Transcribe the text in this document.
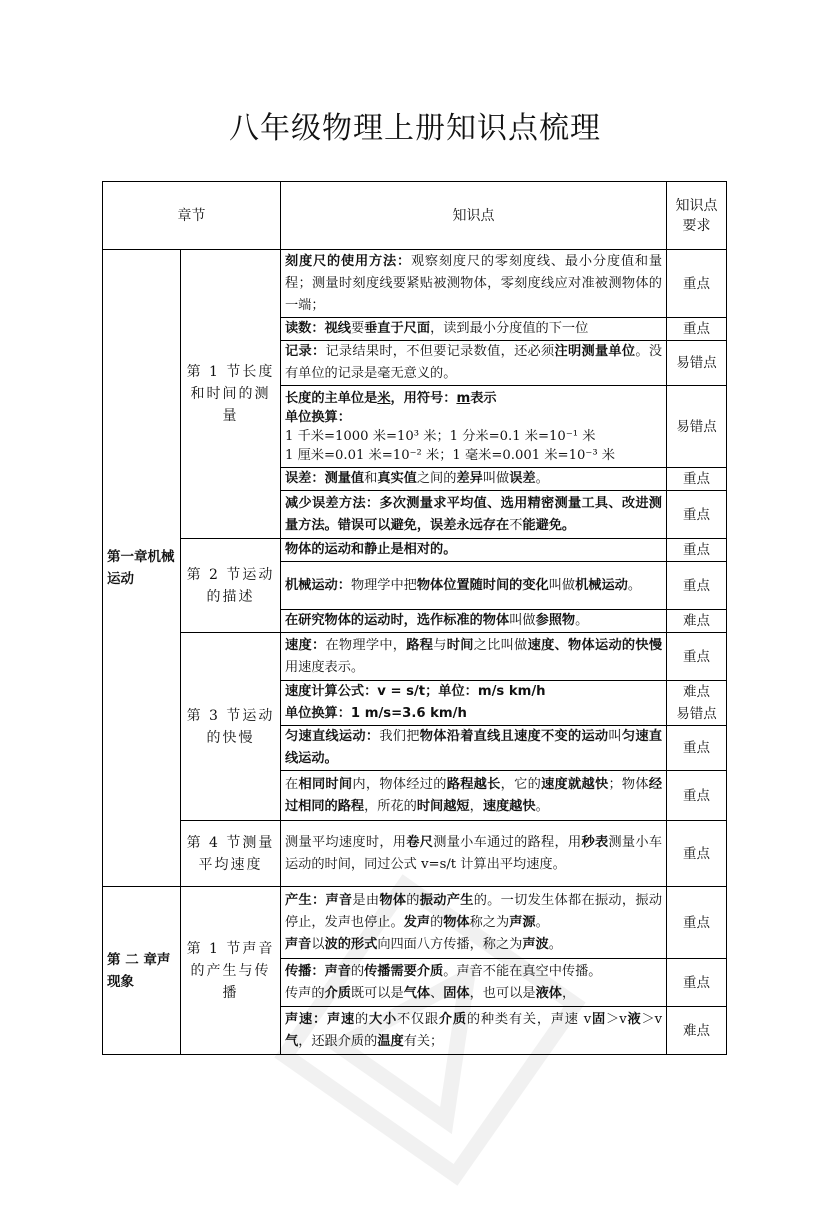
八年级物理上册知识点梳理
章节		知识点	知识点要求
第一章机械运动	第 1 节长度和时间的测量	刻度尺的使用方法：观察刻度尺的零刻度线、最小分度值和量程；测量时刻度线要紧贴被测物体，零刻度线应对准被测物体的一端；	重点
		读数：视线要垂直于尺面，读到最小分度值的下一位	重点
		记录：记录结果时，不但要记录数值，还必须注明测量单位。没有单位的记录是毫无意义的。	易错点
		长度的主单位是米，用符号：m表示
单位换算：
1 千米=1000 米=10³ 米；1 分米=0.1 米=10⁻¹ 米
1 厘米=0.01 米=10⁻² 米；1 毫米=0.001 米=10⁻³ 米	易错点
		误差：测量值和真实值之间的差异叫做误差。	重点
		减少误差方法：多次测量求平均值、选用精密测量工具、改进测量方法。错误可以避免，误差永远存在不能避免。	重点
	第 2 节运动的描述	物体的运动和静止是相对的。	重点
		机械运动：物理学中把物体位置随时间的变化叫做机械运动。	重点
		在研究物体的运动时，选作标准的物体叫做参照物。	难点
	第 3 节运动的快慢	速度：在物理学中，路程与时间之比叫做速度、物体运动的快慢用速度表示。	重点
		速度计算公式：v = s/t；单位：m/s km/h
单位换算：1 m/s=3.6 km/h	难点
易错点
		匀速直线运动：我们把物体沿着直线且速度不变的运动叫匀速直线运动。	重点
		在相同时间内，物体经过的路程越长，它的速度就越快；物体经过相同的路程，所花的时间越短，速度越快。	重点
	第 4 节测量平均速度	测量平均速度时，用卷尺测量小车通过的路程，用秒表测量小车运动的时间，同过公式 v=s/t 计算出平均速度。	重点
第 二 章声现象	第 1 节声音的产生与传播	产生：声音是由物体的振动产生的。一切发生体都在振动，振动停止，发声也停止。发声的物体称之为声源。
声音以波的形式向四面八方传播，称之为声波。	重点
		传播：声音的传播需要介质。声音不能在真空中传播。
传声的介质既可以是气体、固体，也可以是液体，	重点
		声速：声速的大小不仅跟介质的种类有关，声速 v固＞v液＞v气，还跟介质的温度有关；	难点
